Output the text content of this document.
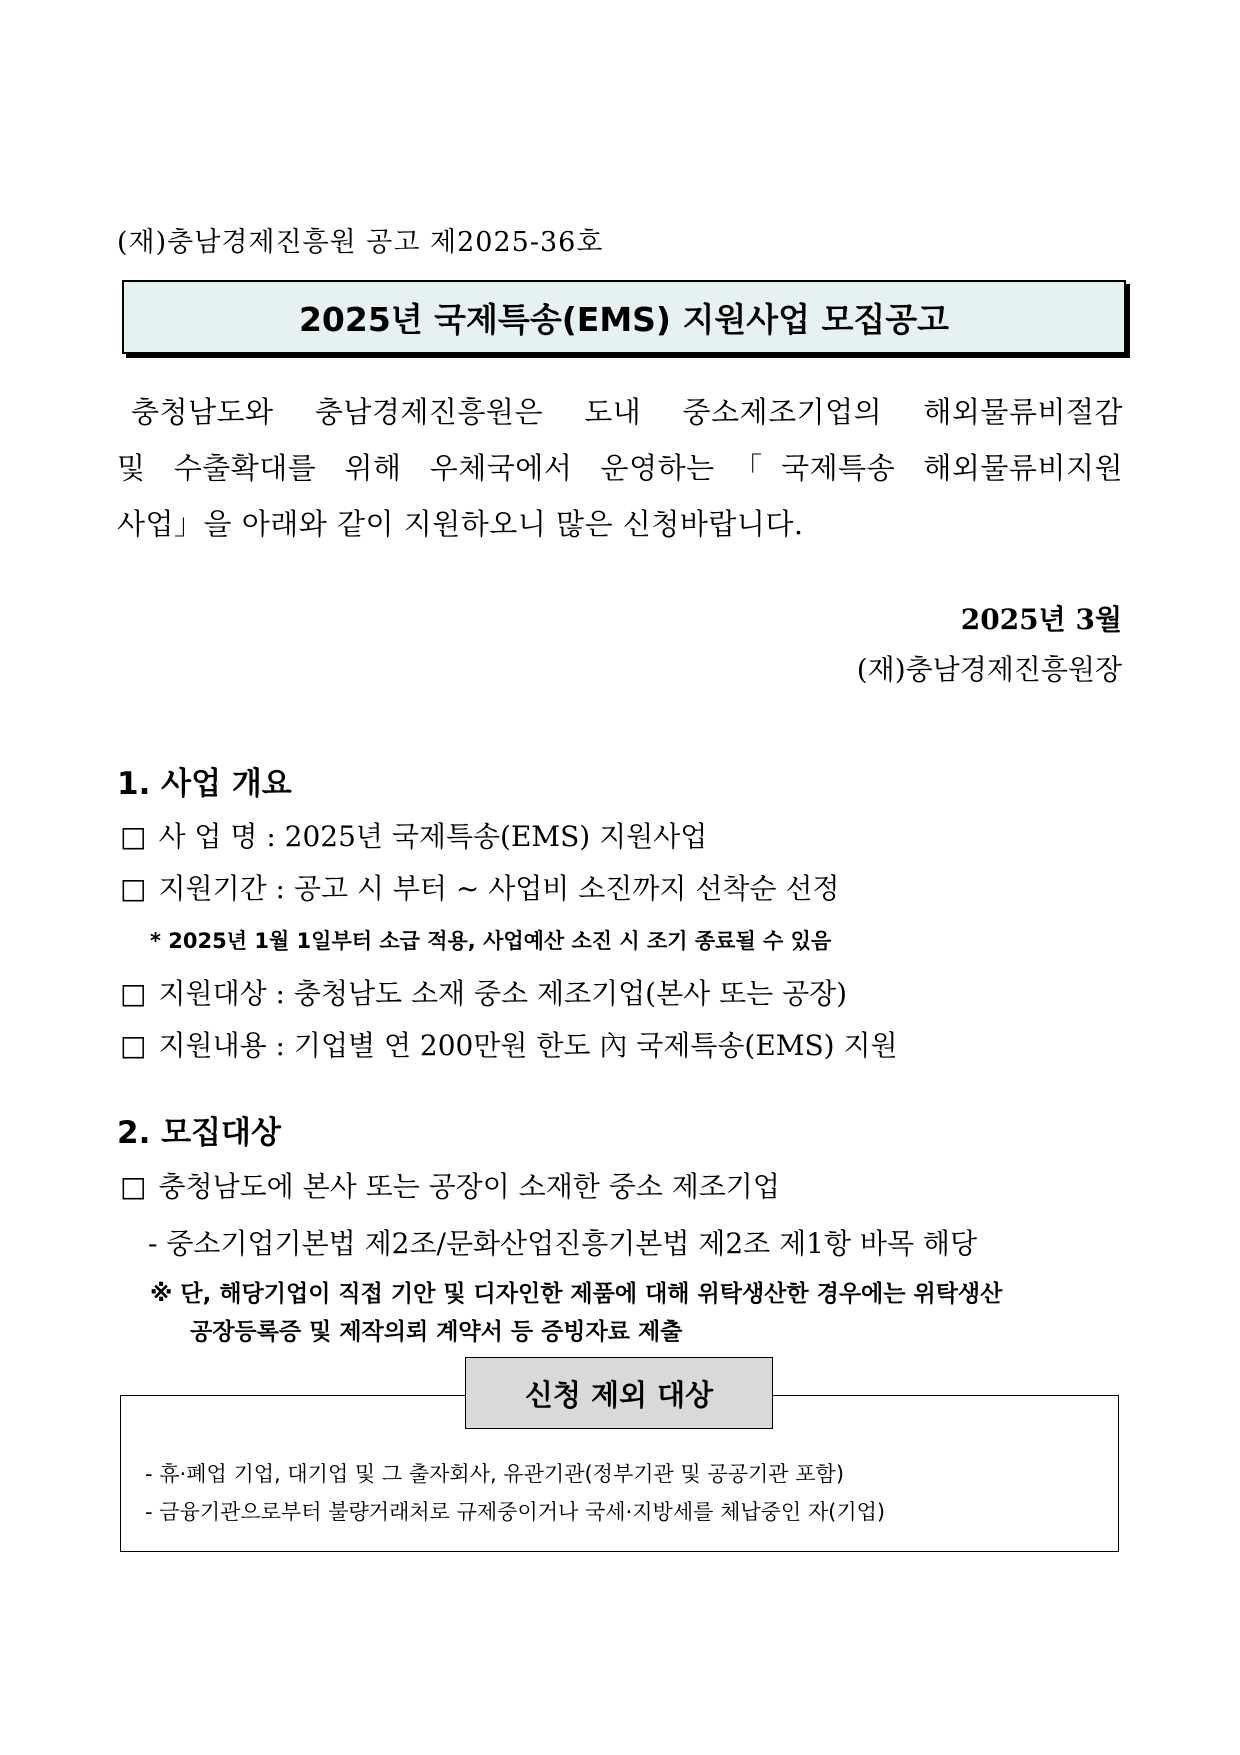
(재)충남경제진흥원 공고 제2025-36호
2025년 국제특송(EMS) 지원사업 모집공고

충청남도와 충남경제진흥원은 도내 중소제조기업의 해외물류비절감

및 수출확대를 위해 우체국에서 운영하는「국제특송 해외물류비지원

사업」을 아래와 같이 지원하오니 많은 신청바랍니다.

2025년 3월
(재)충남경제진흥원장
1. 사업 개요
□ 사 업 명 : 2025년 국제특송(EMS) 지원사업
□ 지원기간 : 공고 시 부터 ~ 사업비 소진까지 선착순 선정
* 2025년 1월 1일부터 소급 적용, 사업예산 소진 시 조기 종료될 수 있음
□ 지원대상 : 충청남도 소재 중소 제조기업(본사 또는 공장)
□ 지원내용 : 기업별 연 200만원 한도 內 국제특송(EMS) 지원
2. 모집대상
□ 충청남도에 본사 또는 공장이 소재한 중소 제조기업
- 중소기업기본법 제2조/문화산업진흥기본법 제2조 제1항 바목 해당
※ 단, 해당기업이 직접 기안 및 디자인한 제품에 대해 위탁생산한 경우에는 위탁생산
공장등록증 및 제작의뢰 계약서 등 증빙자료 제출
신청 제외 대상
- 휴·폐업 기업, 대기업 및 그 출자회사, 유관기관(정부기관 및 공공기관 포함)
- 금융기관으로부터 불량거래처로 규제중이거나 국세·지방세를 체납중인 자(기업)
